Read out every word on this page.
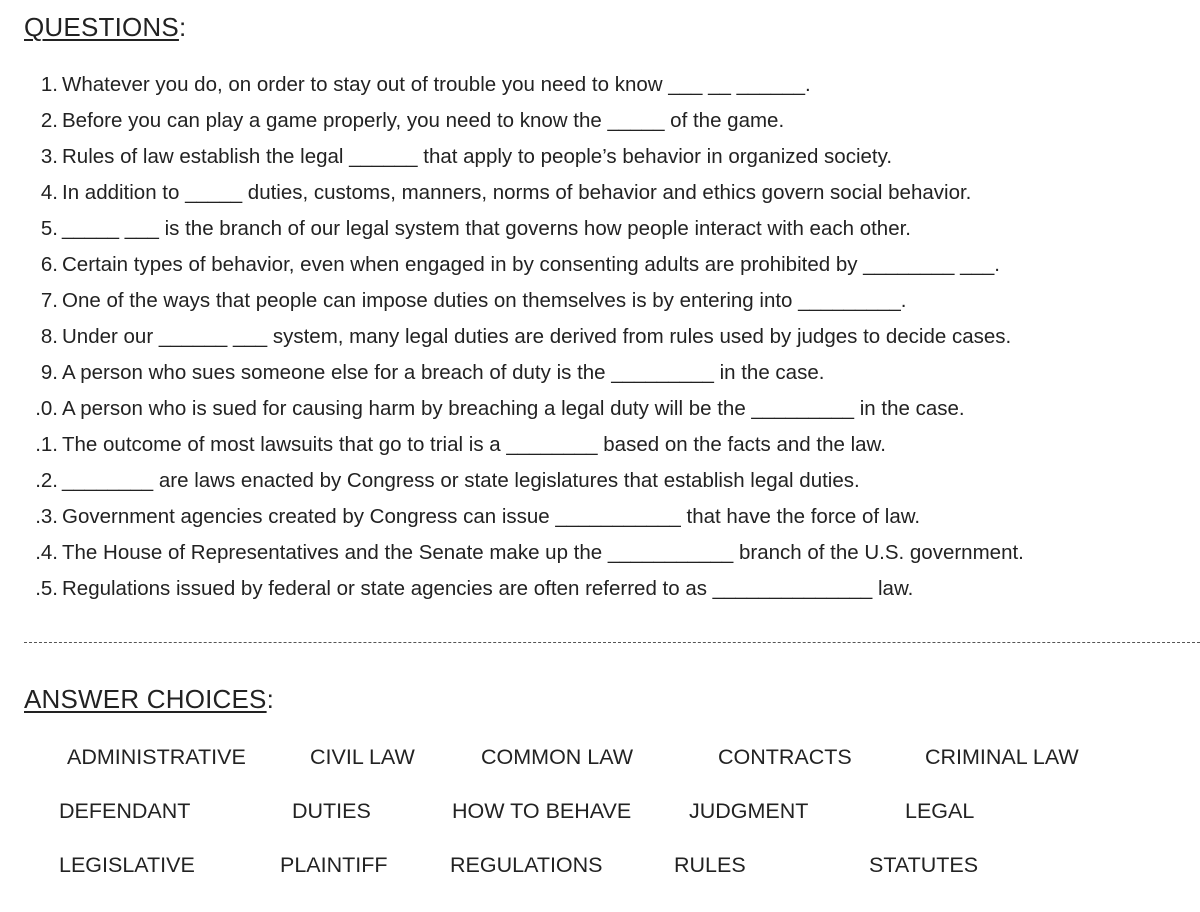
QUESTIONS:
1. Whatever you do, on order to stay out of trouble you need to know ___ __ ______.
2. Before you can play a game properly, you need to know the _____ of the game.
3. Rules of law establish the legal ______ that apply to people’s behavior in organized society.
4. In addition to _____ duties, customs, manners, norms of behavior and ethics govern social behavior.
5. _____ ___ is the branch of our legal system that governs how people interact with each other.
6. Certain types of behavior, even when engaged in by consenting adults are prohibited by ________ ___.
7. One of the ways that people can impose duties on themselves is by entering into _________.
8. Under our ______ ___ system, many legal duties are derived from rules used by judges to decide cases.
9. A person who sues someone else for a breach of duty is the _________ in the case.
.0. A person who is sued for causing harm by breaching a legal duty will be the _________ in the case.
.1. The outcome of most lawsuits that go to trial is a ________ based on the facts and the law.
.2. ________ are laws enacted by Congress or state legislatures that establish legal duties.
.3. Government agencies created by Congress can issue ___________ that have the force of law.
.4. The House of Representatives and the Senate make up the ___________ branch of the U.S. government.
.5. Regulations issued by federal or state agencies are often referred to as ______________ law.
ANSWER CHOICES:
ADMINISTRATIVE	CIVIL LAW	COMMON LAW	CONTRACTS	CRIMINAL LAW
DEFENDANT	DUTIES	HOW TO BEHAVE	JUDGMENT	LEGAL
LEGISLATIVE	PLAINTIFF	REGULATIONS	RULES	STATUTES
